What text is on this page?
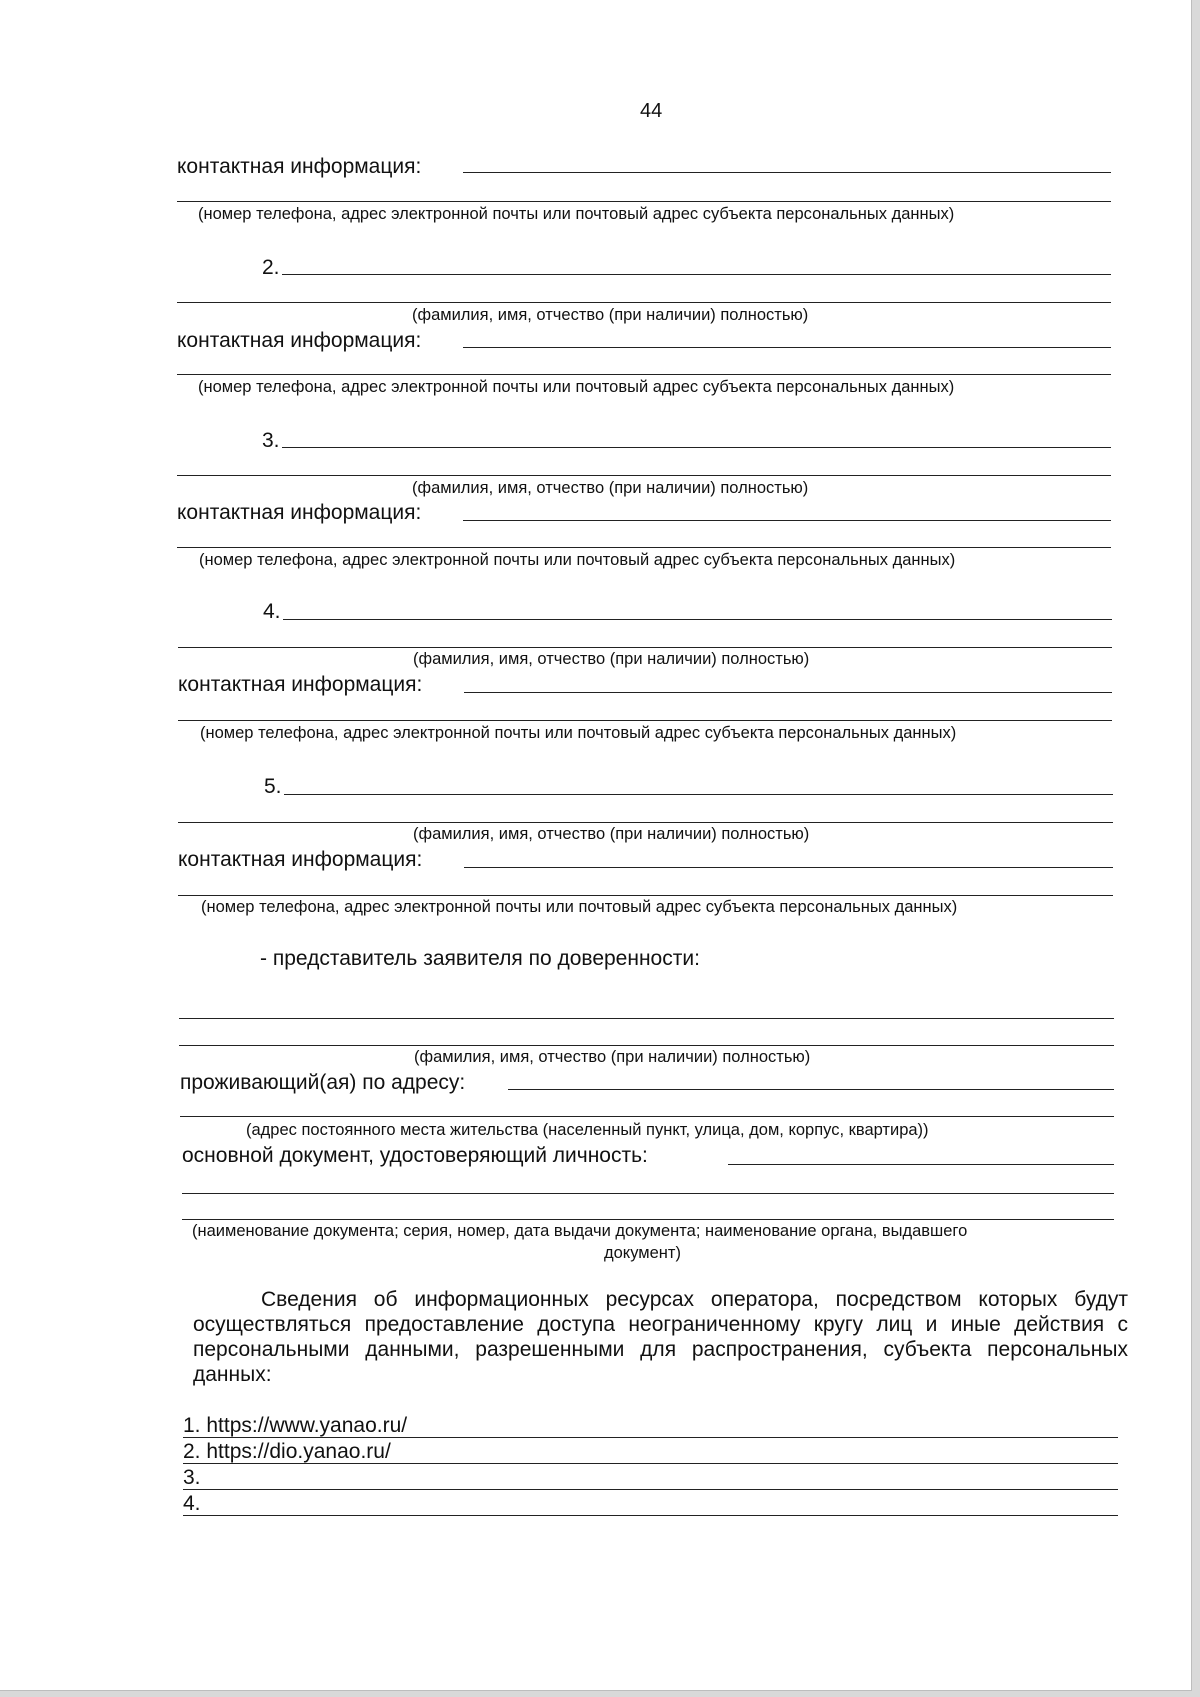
44
контактная информация:
(номер телефона, адрес электронной почты или почтовый адрес субъекта персональных данных)
2.
(фамилия, имя, отчество (при наличии) полностью)
контактная информация:
(номер телефона, адрес электронной почты или почтовый адрес субъекта персональных данных)
3.
(фамилия, имя, отчество (при наличии) полностью)
контактная информация:
(номер телефона, адрес электронной почты или почтовый адрес субъекта персональных данных)
4.
(фамилия, имя, отчество (при наличии) полностью)
контактная информация:
(номер телефона, адрес электронной почты или почтовый адрес субъекта персональных данных)
5.
(фамилия, имя, отчество (при наличии) полностью)
контактная информация:
(номер телефона, адрес электронной почты или почтовый адрес субъекта персональных данных)
- представитель заявителя по доверенности:
(фамилия, имя, отчество (при наличии) полностью)
проживающий(ая) по адресу:
(адрес постоянного места жительства (населенный пункт, улица, дом, корпус, квартира))
основной документ, удостоверяющий личность:
(наименование документа; серия, номер, дата выдачи документа; наименование органа, выдавшего
документ)
Сведения об информационных ресурсах оператора, посредством которых будут осуществляться предоставление доступа неограниченному кругу лиц и иные действия с персональными данными, разрешенными для распространения, субъекта персональных данных:
1. https://www.yanao.ru/
2. https://dio.yanao.ru/
3.
4.
